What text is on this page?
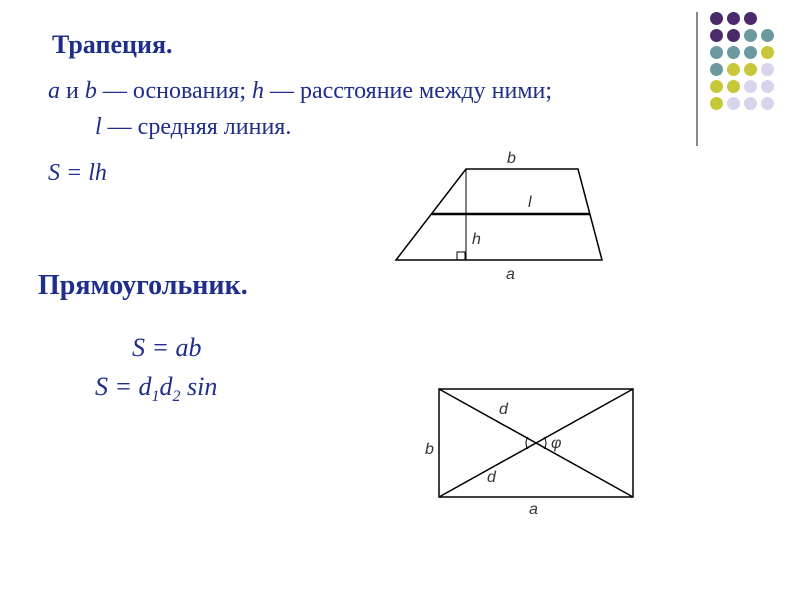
Трапеция.
a и b — основания; h — расстояние между ними;
l — средняя линия.
S = lh
b
l
h
a
Прямоугольник.
S = ab
$S = d_1d_2$ sin
d
φ
b
d
a
